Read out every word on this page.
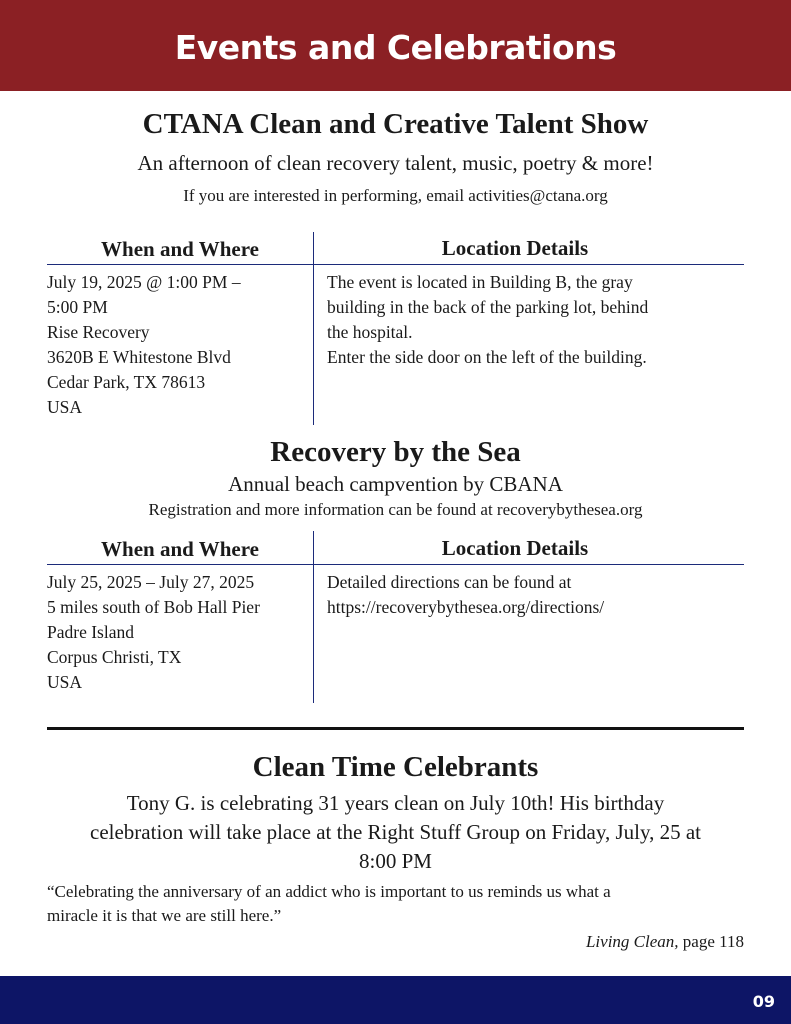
Events and Celebrations
CTANA Clean and Creative Talent Show
An afternoon of clean recovery talent, music, poetry & more!
If you are interested in performing, email activities@ctana.org
When and Where	Location Details
July 19, 2025 @ 1:00 PM –
5:00 PM
Rise Recovery
3620B E Whitestone Blvd
Cedar Park, TX 78613
USA
The event is located in Building B, the gray
building in the back of the parking lot, behind
the hospital.
Enter the side door on the left of the building.
Recovery by the Sea
Annual beach campvention by CBANA
Registration and more information can be found at recoverybythesea.org
When and Where	Location Details
July 25, 2025 – July 27, 2025
5 miles south of Bob Hall Pier
Padre Island
Corpus Christi, TX
USA
Detailed directions can be found at
https://recoverybythesea.org/directions/
Clean Time Celebrants
Tony G. is celebrating 31 years clean on July 10th! His birthday
celebration will take place at the Right Stuff Group on Friday, July, 25 at
8:00 PM
“Celebrating the anniversary of an addict who is important to us reminds us what a
miracle it is that we are still here.”
Living Clean, page 118
09
